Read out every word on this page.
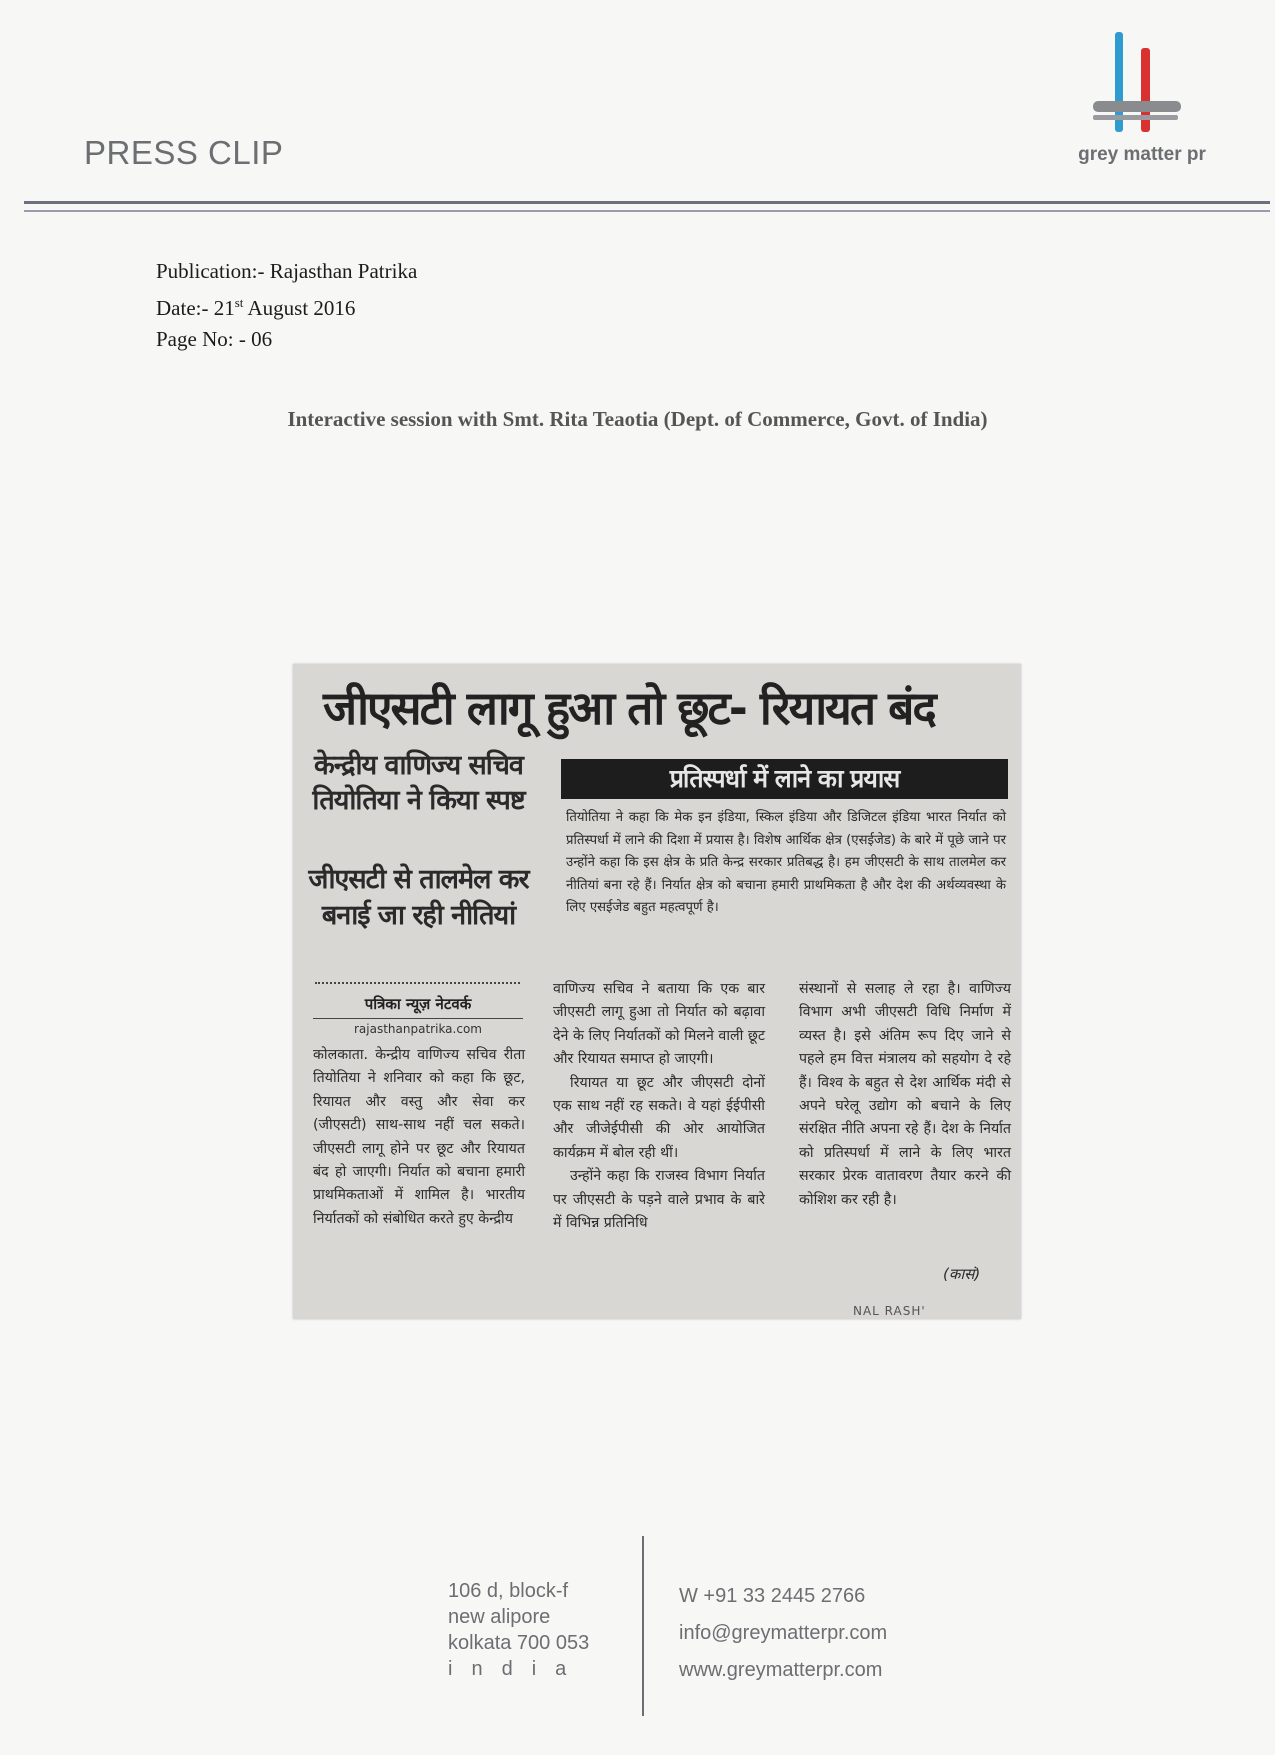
PRESS CLIP	grey matter pr
Publication:- Rajasthan Patrika
Date:- 21st August 2016
Page No: - 06
Interactive session with Smt. Rita Teaotia (Dept. of Commerce, Govt. of India)
जीएसटी लागू हुआ तो छूट- रियायत बंद
केन्द्रीय वाणिज्य सचिव तियोतिया ने किया स्पष्ट
जीएसटी से तालमेल कर बनाई जा रही नीतियां
पत्रिका न्यूज़ नेटवर्क
rajasthanpatrika.com
प्रतिस्पर्धा में लाने का प्रयास
तियोतिया ने कहा कि मेक इन इंडिया, स्किल इंडिया और डिजिटल इंडिया भारत निर्यात को प्रतिस्पर्धा में लाने की दिशा में प्रयास है। विशेष आर्थिक क्षेत्र (एसईजेड) के बारे में पूछे जाने पर उन्होंने कहा कि इस क्षेत्र के प्रति केन्द्र सरकार प्रतिबद्ध है। हम जीएसटी के साथ तालमेल कर नीतियां बना रहे हैं। निर्यात क्षेत्र को बचाना हमारी प्राथमिकता है और देश की अर्थव्यवस्था के लिए एसईजेड बहुत महत्वपूर्ण है।
कोलकाता. केन्द्रीय वाणिज्य सचिव रीता तियोतिया ने शनिवार को कहा कि छूट, रियायत और वस्तु और सेवा कर (जीएसटी) साथ-साथ नहीं चल सकते। जीएसटी लागू होने पर छूट और रियायत बंद हो जाएगी। निर्यात को बचाना हमारी प्राथमिकताओं में शामिल है। भारतीय निर्यातकों को संबोधित करते हुए केन्द्रीय

वाणिज्य सचिव ने बताया कि एक बार जीएसटी लागू हुआ तो निर्यात को बढ़ावा देने के लिए निर्यातकों को मिलने वाली छूट और रियायत समाप्त हो जाएगी।

रियायत या छूट और जीएसटी दोनों एक साथ नहीं रह सकते। वे यहां ईईपीसी और जीजेईपीसी की ओर आयोजित कार्यक्रम में बोल रही थीं।

उन्होंने कहा कि राजस्व विभाग निर्यात पर जीएसटी के पड़ने वाले प्रभाव के बारे में विभिन्न प्रतिनिधि

संस्थानों से सलाह ले रहा है। वाणिज्य विभाग अभी जीएसटी विधि निर्माण में व्यस्त है। इसे अंतिम रूप दिए जाने से पहले हम वित्त मंत्रालय को सहयोग दे रहे हैं। विश्व के बहुत से देश आर्थिक मंदी से अपने घरेलू उद्योग को बचाने के लिए संरक्षित नीति अपना रहे हैं। देश के निर्यात को प्रतिस्पर्धा में लाने के लिए भारत सरकार प्रेरक वातावरण तैयार करने की कोशिश कर रही है।
(कासं)
NAL RASH'
106 d, block-f
new alipore
kolkata 700 053
india
W +91 33 2445 2766
info@greymatterpr.com
www.greymatterpr.com
